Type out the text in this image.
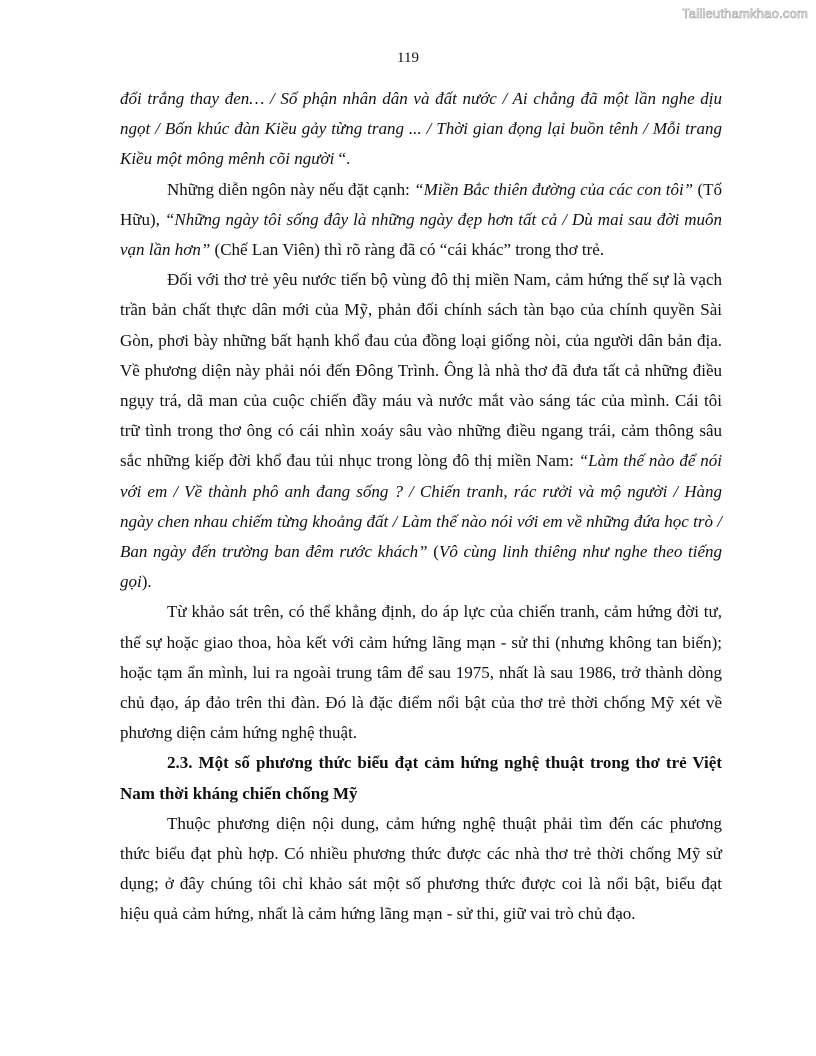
Tailieuthamkhao.com
119

đổi trắng thay đen… / Số phận nhân dân và đất nước / Ai chẳng đã một lần nghe dịu ngọt / Bốn khúc đàn Kiều gảy từng trang ... / Thời gian đọng lại buồn tênh / Mỗi trang Kiều một mông mênh cõi người “.

Những diễn ngôn này nếu đặt cạnh: “Miền Bắc thiên đường của các con tôi” (Tố Hữu), “Những ngày tôi sống đây là những ngày đẹp hơn tất cả / Dù mai sau đời muôn vạn lần hơn” (Chế Lan Viên) thì rõ ràng đã có “cái khác” trong thơ trẻ.

Đối với thơ trẻ yêu nước tiến bộ vùng đô thị miền Nam, cảm hứng thế sự là vạch trần bản chất thực dân mới của Mỹ, phản đối chính sách tàn bạo của chính quyền Sài Gòn, phơi bày những bất hạnh khổ đau của đồng loại giống nòi, của người dân bản địa. Về phương diện này phải nói đến Đông Trình. Ông là nhà thơ đã đưa tất cả những điều ngụy trá, dã man của cuộc chiến đầy máu và nước mắt vào sáng tác của mình. Cái tôi trữ tình trong thơ ông có cái nhìn xoáy sâu vào những điều ngang trái, cảm thông sâu sắc những kiếp đời khổ đau tủi nhục trong lòng đô thị miền Nam: “Làm thế nào để nói với em / Về thành phô anh đang sống ? / Chiến tranh, rác rưởi và mộ người / Hàng ngày chen nhau chiếm từng khoảng đất / Làm thế nào nói với em về những đứa học trò / Ban ngày đến trường ban đêm rước khách” (Vô cùng linh thiêng như nghe theo tiếng gọi).

Từ khảo sát trên, có thể khẳng định, do áp lực của chiến tranh, cảm hứng đời tư, thế sự hoặc giao thoa, hòa kết với cảm hứng lãng mạn - sử thi (nhưng không tan biến); hoặc tạm ẩn mình, lui ra ngoài trung tâm để sau 1975, nhất là sau 1986, trở thành dòng chủ đạo, áp đảo trên thi đàn. Đó là đặc điểm nổi bật của thơ trẻ thời chống Mỹ xét về phương diện cảm hứng nghệ thuật.

2.3. Một số phương thức biểu đạt cảm hứng nghệ thuật trong thơ trẻ Việt Nam thời kháng chiến chống Mỹ

Thuộc phương diện nội dung, cảm hứng nghệ thuật phải tìm đến các phương thức biểu đạt phù hợp. Có nhiều phương thức được các nhà thơ trẻ thời chống Mỹ sử dụng; ở đây chúng tôi chỉ khảo sát một số phương thức được coi là nổi bật, biểu đạt hiệu quả cảm hứng, nhất là cảm hứng lãng mạn - sử thi, giữ vai trò chủ đạo.
